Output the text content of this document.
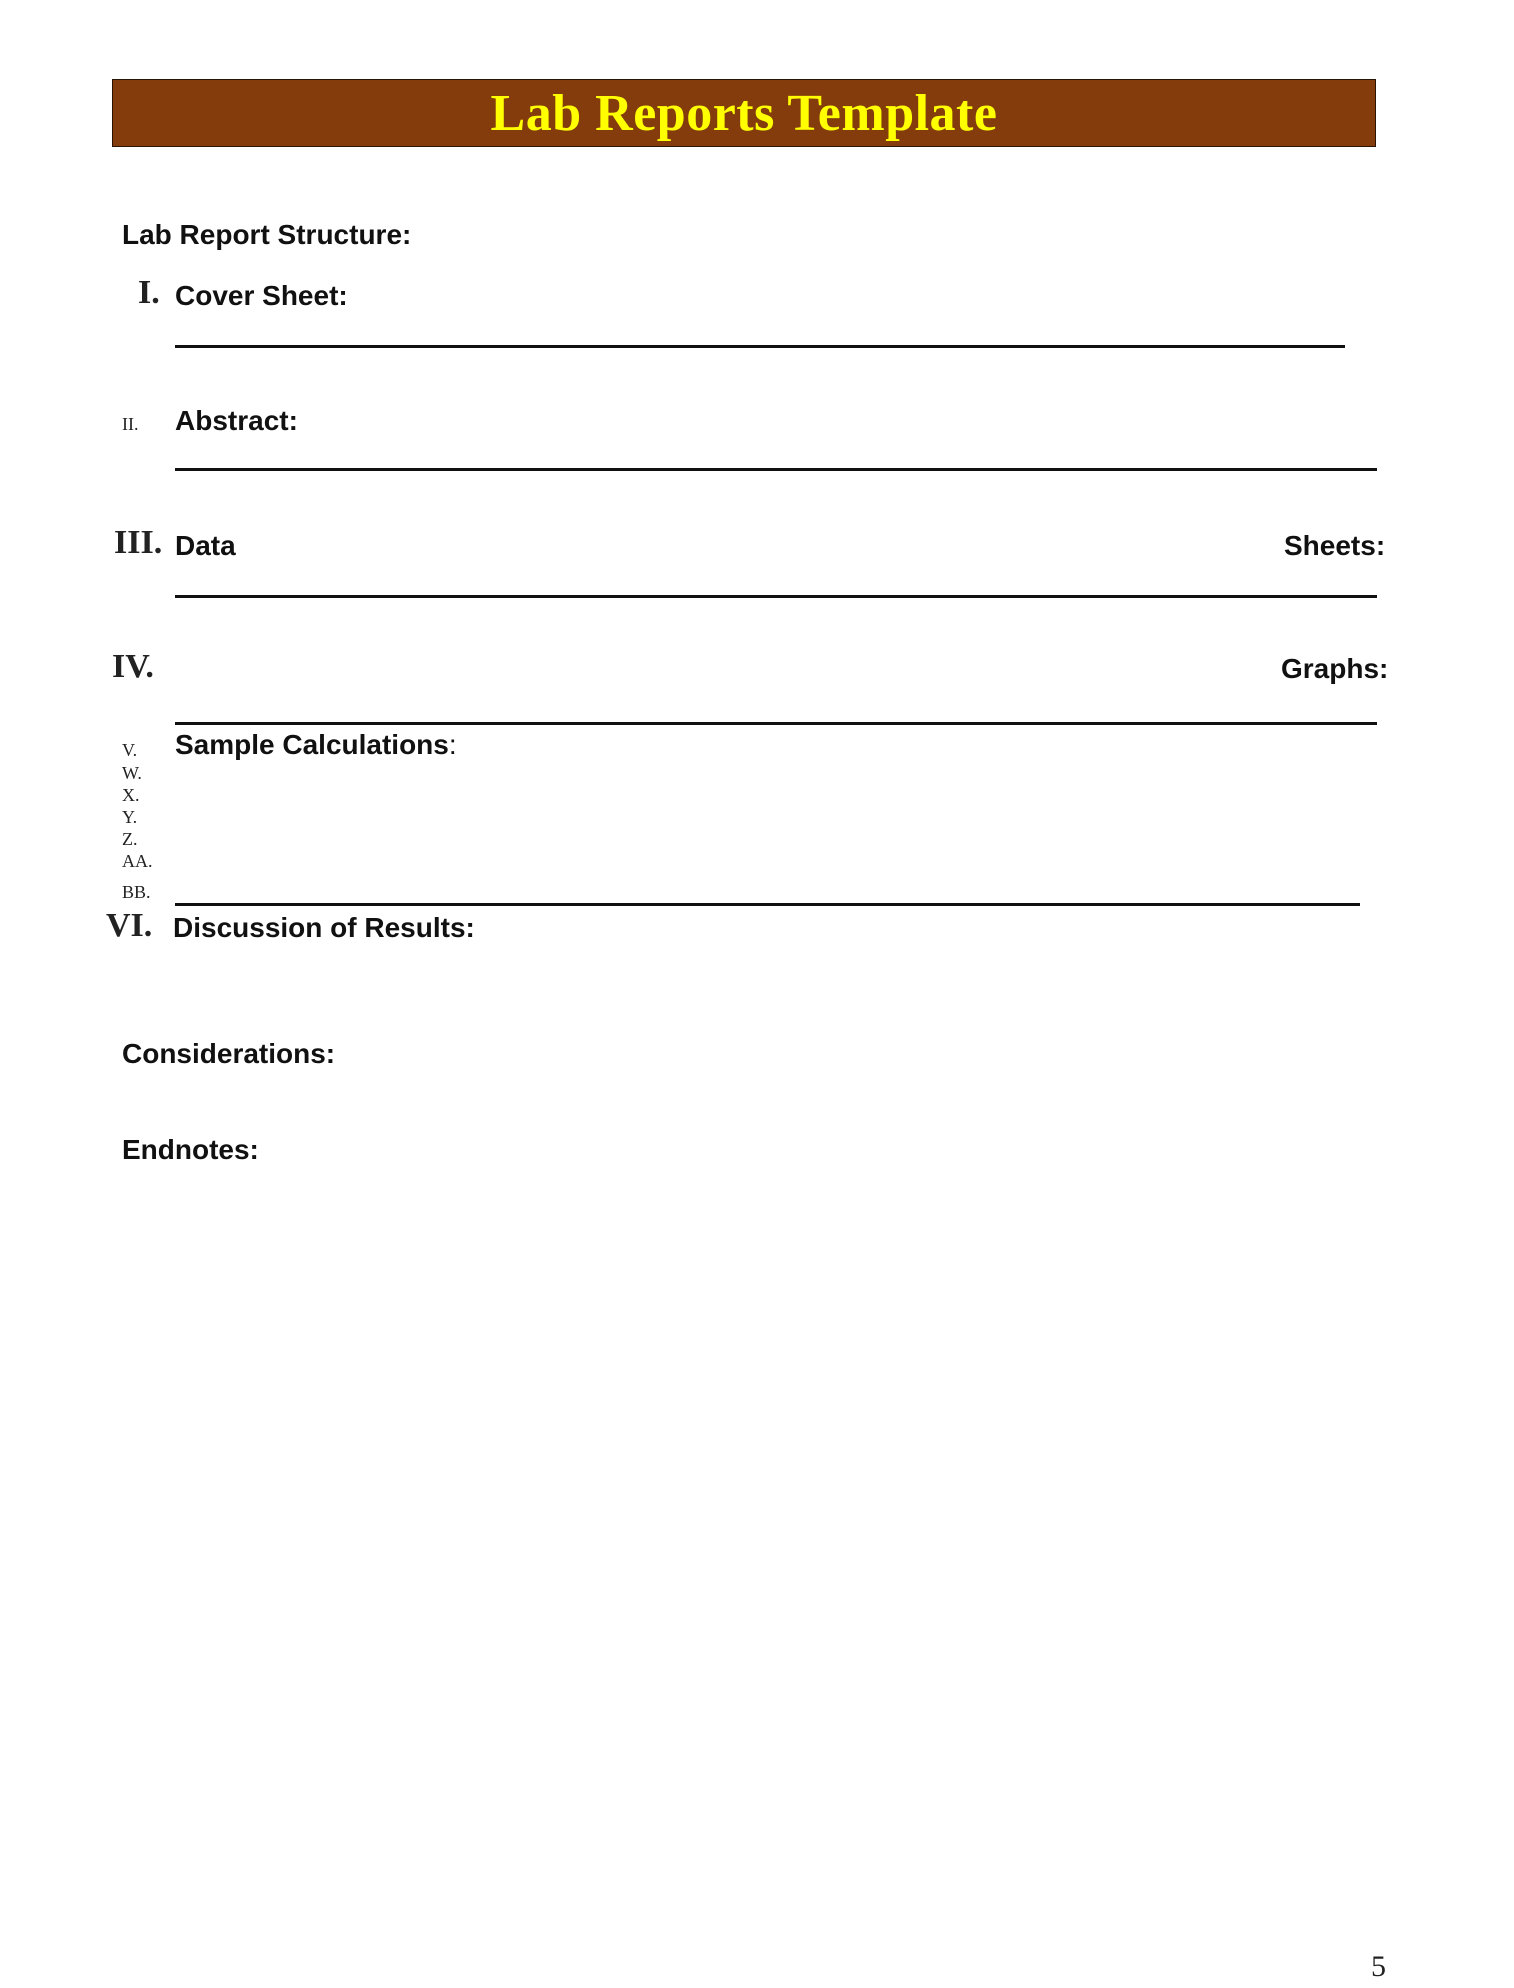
Lab Reports Template
Lab Report Structure:
I. Cover Sheet:
II. Abstract:
III. Data	Sheets:
IV.	Graphs:
V.
W.
X.
Y.
Z.
AA.
BB.
Sample Calculations:
VI. Discussion of Results:
Considerations:
Endnotes:
5
